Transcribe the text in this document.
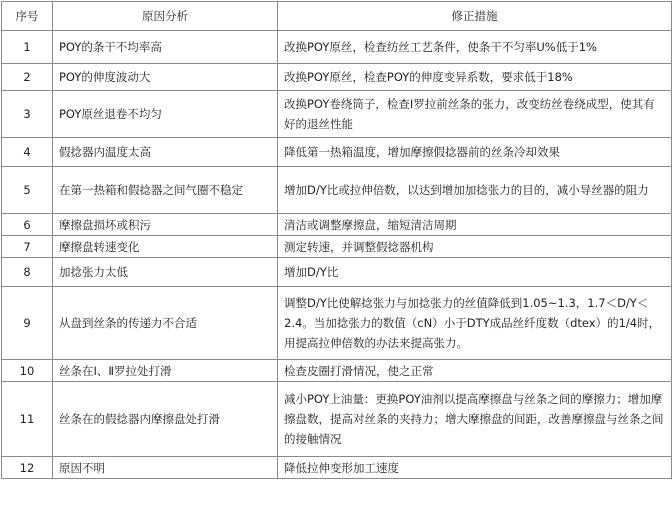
序号	原因分析	修正措施
1	POY的条干不均率高	改换POY原丝，检查纺丝工艺条件，使条干不匀率U%低于1%
2	POY的伸度波动大	改换POY原丝，检查POY的伸度变异系数，要求低于18%
3	POY原丝退卷不均匀	改换POY卷绕筒子，检查Ⅰ罗拉前丝条的张力，改变纺丝卷绕成型，使其有好的退丝性能
4	假捻器内温度太高	降低第一热箱温度，增加摩擦假捻器前的丝条冷却效果
5	在第一热箱和假捻器之间气圈不稳定	增加D/Y比或拉伸倍数，以达到增加加捻张力的目的，减小导丝器的阻力
6	摩擦盘损坏或积污	清洁或调整摩擦盘，缩短清洁周期
7	摩擦盘转速变化	测定转速，并调整假捻器机构
8	加捻张力太低	增加D/Y比
9	从盘到丝条的传递力不合适	调整D/Y比使解捻张力与加捻张力的丝值降低到1.05~1.3，1.7＜D/Y＜2.4。当加捻张力的数值（cN）小于DTY成品丝纤度数（dtex）的1/4时，用提高拉伸倍数的办法来提高张力。
10	丝条在Ⅰ、Ⅱ罗拉处打滑	检查皮圈打滑情况，使之正常
11	丝条在的假捻器内摩擦盘处打滑	减小POY上油量：更换POY油剂以提高摩擦盘与丝条之间的摩擦力；增加摩擦盘数，提高对丝条的夹持力；增大摩擦盘的间距，改善摩擦盘与丝条之间的接触情况
12	原因不明	降低拉伸变形加工速度
